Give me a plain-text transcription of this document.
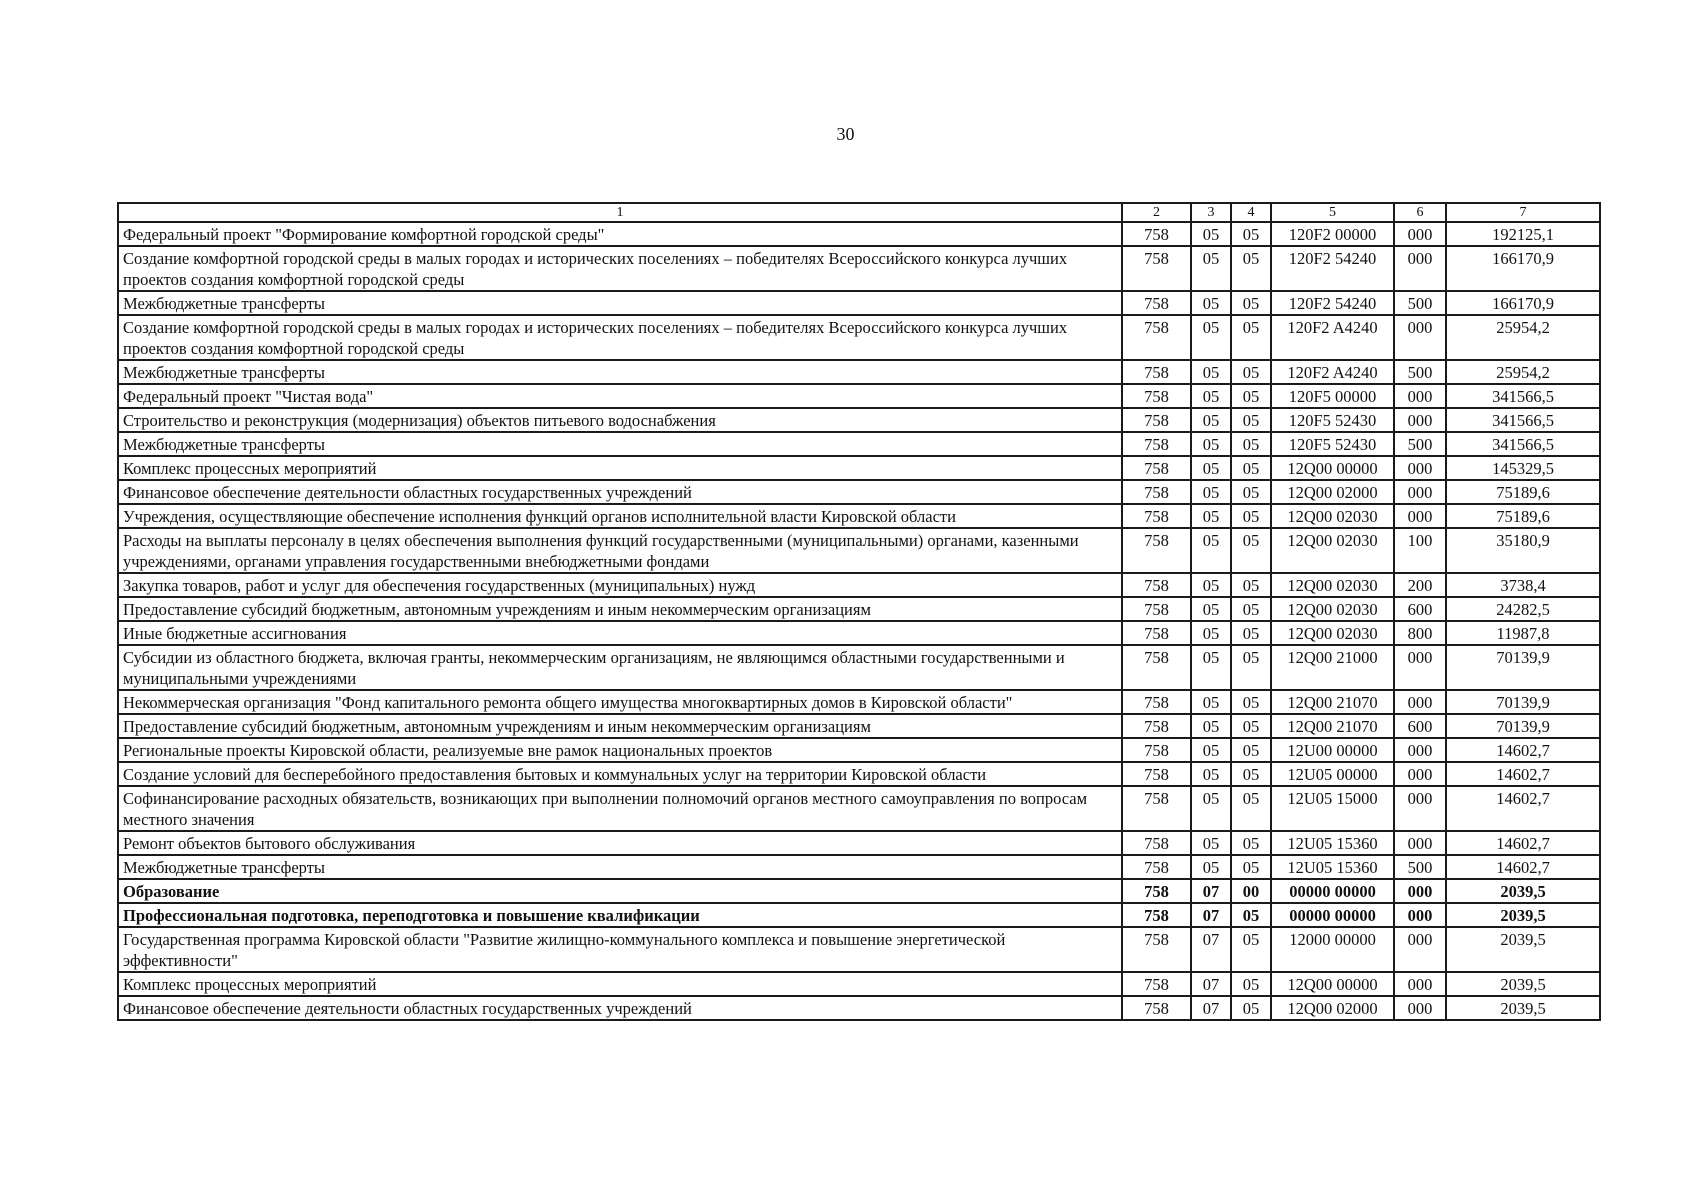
30
1	2	3	4	5	6	7
Федеральный проект "Формирование комфортной городской среды"	758	05	05	120F2 00000	000	192125,1
Создание комфортной городской среды в малых городах и исторических поселениях – победителях Всероссийского конкурса лучших проектов создания комфортной городской среды	758	05	05	120F2 54240	000	166170,9
Межбюджетные трансферты	758	05	05	120F2 54240	500	166170,9
Создание комфортной городской среды в малых городах и исторических поселениях – победителях Всероссийского конкурса лучших проектов создания комфортной городской среды	758	05	05	120F2 A4240	000	25954,2
Межбюджетные трансферты	758	05	05	120F2 A4240	500	25954,2
Федеральный проект "Чистая вода"	758	05	05	120F5 00000	000	341566,5
Строительство и реконструкция (модернизация) объектов питьевого водоснабжения	758	05	05	120F5 52430	000	341566,5
Межбюджетные трансферты	758	05	05	120F5 52430	500	341566,5
Комплекс процессных мероприятий	758	05	05	12Q00 00000	000	145329,5
Финансовое обеспечение деятельности областных государственных учреждений	758	05	05	12Q00 02000	000	75189,6
Учреждения, осуществляющие обеспечение исполнения функций органов исполнительной власти Кировской области	758	05	05	12Q00 02030	000	75189,6
Расходы на выплаты персоналу в целях обеспечения выполнения функций государственными (муниципальными) органами, казенными учреждениями, органами управления государственными внебюджетными фондами	758	05	05	12Q00 02030	100	35180,9
Закупка товаров, работ и услуг для обеспечения государственных (муниципальных) нужд	758	05	05	12Q00 02030	200	3738,4
Предоставление субсидий бюджетным, автономным учреждениям и иным некоммерческим организациям	758	05	05	12Q00 02030	600	24282,5
Иные бюджетные ассигнования	758	05	05	12Q00 02030	800	11987,8
Субсидии из областного бюджета, включая гранты, некоммерческим организациям, не являющимся областными государственными и муниципальными учреждениями	758	05	05	12Q00 21000	000	70139,9
Некоммерческая организация "Фонд капитального ремонта общего имущества многоквартирных домов в Кировской области"	758	05	05	12Q00 21070	000	70139,9
Предоставление субсидий бюджетным, автономным учреждениям и иным некоммерческим организациям	758	05	05	12Q00 21070	600	70139,9
Региональные проекты Кировской области, реализуемые вне рамок национальных проектов	758	05	05	12U00 00000	000	14602,7
Создание условий для бесперебойного предоставления бытовых и коммунальных услуг на территории Кировской области	758	05	05	12U05 00000	000	14602,7
Софинансирование расходных обязательств, возникающих при выполнении полномочий органов местного самоуправления по вопросам местного значения	758	05	05	12U05 15000	000	14602,7
Ремонт объектов бытового обслуживания	758	05	05	12U05 15360	000	14602,7
Межбюджетные трансферты	758	05	05	12U05 15360	500	14602,7
Образование	758	07	00	00000 00000	000	2039,5
Профессиональная подготовка, переподготовка и повышение квалификации	758	07	05	00000 00000	000	2039,5
Государственная программа Кировской области "Развитие жилищно-коммунального комплекса и повышение энергетической эффективности"	758	07	05	12000 00000	000	2039,5
Комплекс процессных мероприятий	758	07	05	12Q00 00000	000	2039,5
Финансовое обеспечение деятельности областных государственных учреждений	758	07	05	12Q00 02000	000	2039,5
